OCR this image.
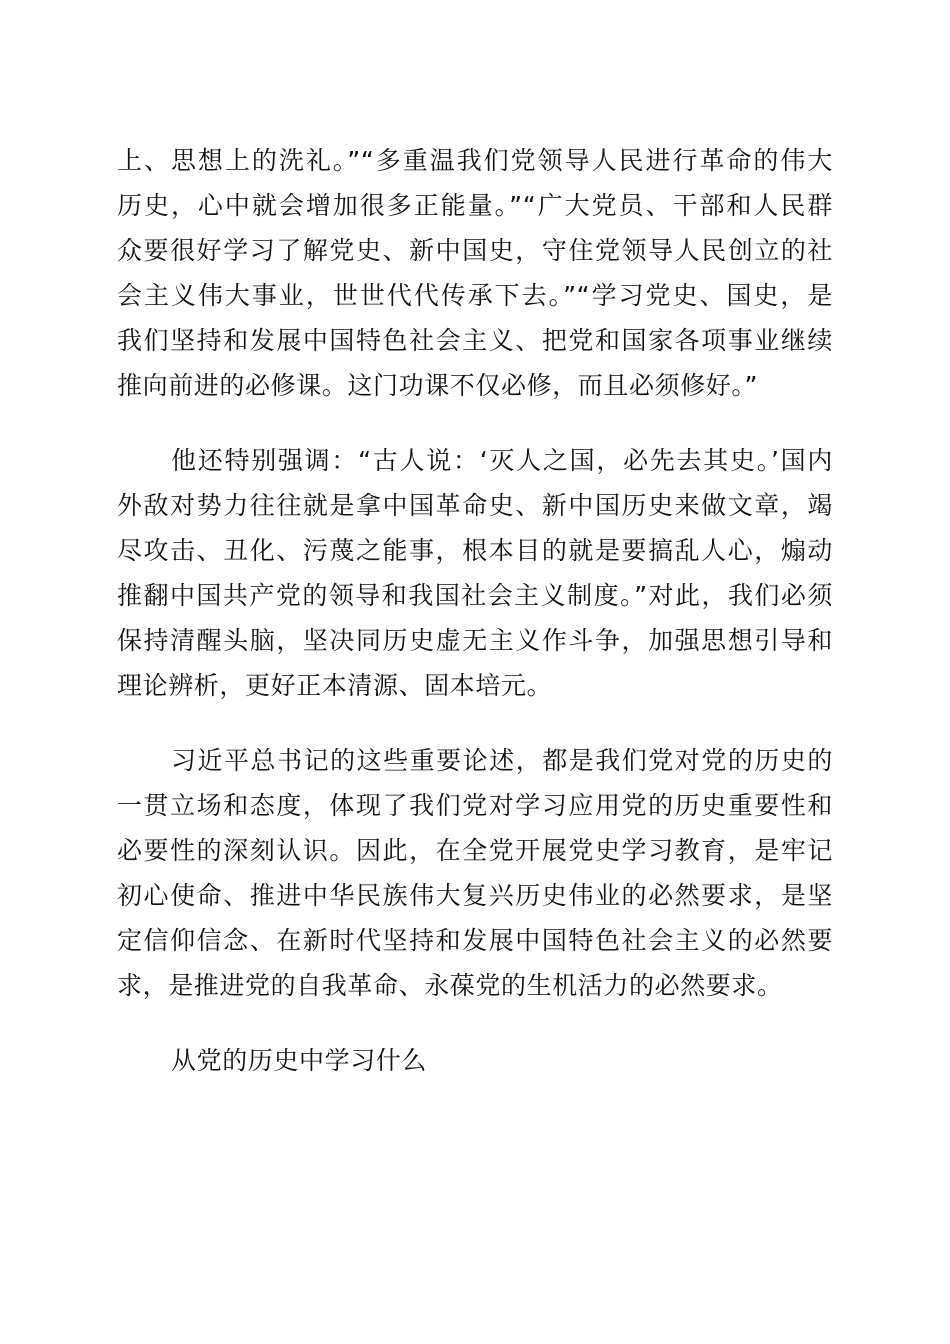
上、思想上的洗礼。”“多重温我们党领导人民进行革命的伟大
历史，心中就会增加很多正能量。”“广大党员、干部和人民群
众要很好学习了解党史、新中国史，守住党领导人民创立的社
会主义伟大事业，世世代代传承下去。”“学习党史、国史，是
我们坚持和发展中国特色社会主义、把党和国家各项事业继续
推向前进的必修课。这门功课不仅必修，而且必须修好。”

他还特别强调：“古人说：‘灭人之国，必先去其史。’国内
外敌对势力往往就是拿中国革命史、新中国历史来做文章，竭
尽攻击、丑化、污蔑之能事，根本目的就是要搞乱人心，煽动
推翻中国共产党的领导和我国社会主义制度。”对此，我们必须
保持清醒头脑，坚决同历史虚无主义作斗争，加强思想引导和
理论辨析，更好正本清源、固本培元。

习近平总书记的这些重要论述，都是我们党对党的历史的
一贯立场和态度，体现了我们党对学习应用党的历史重要性和
必要性的深刻认识。因此，在全党开展党史学习教育，是牢记
初心使命、推进中华民族伟大复兴历史伟业的必然要求，是坚
定信仰信念、在新时代坚持和发展中国特色社会主义的必然要
求，是推进党的自我革命、永葆党的生机活力的必然要求。

从党的历史中学习什么
